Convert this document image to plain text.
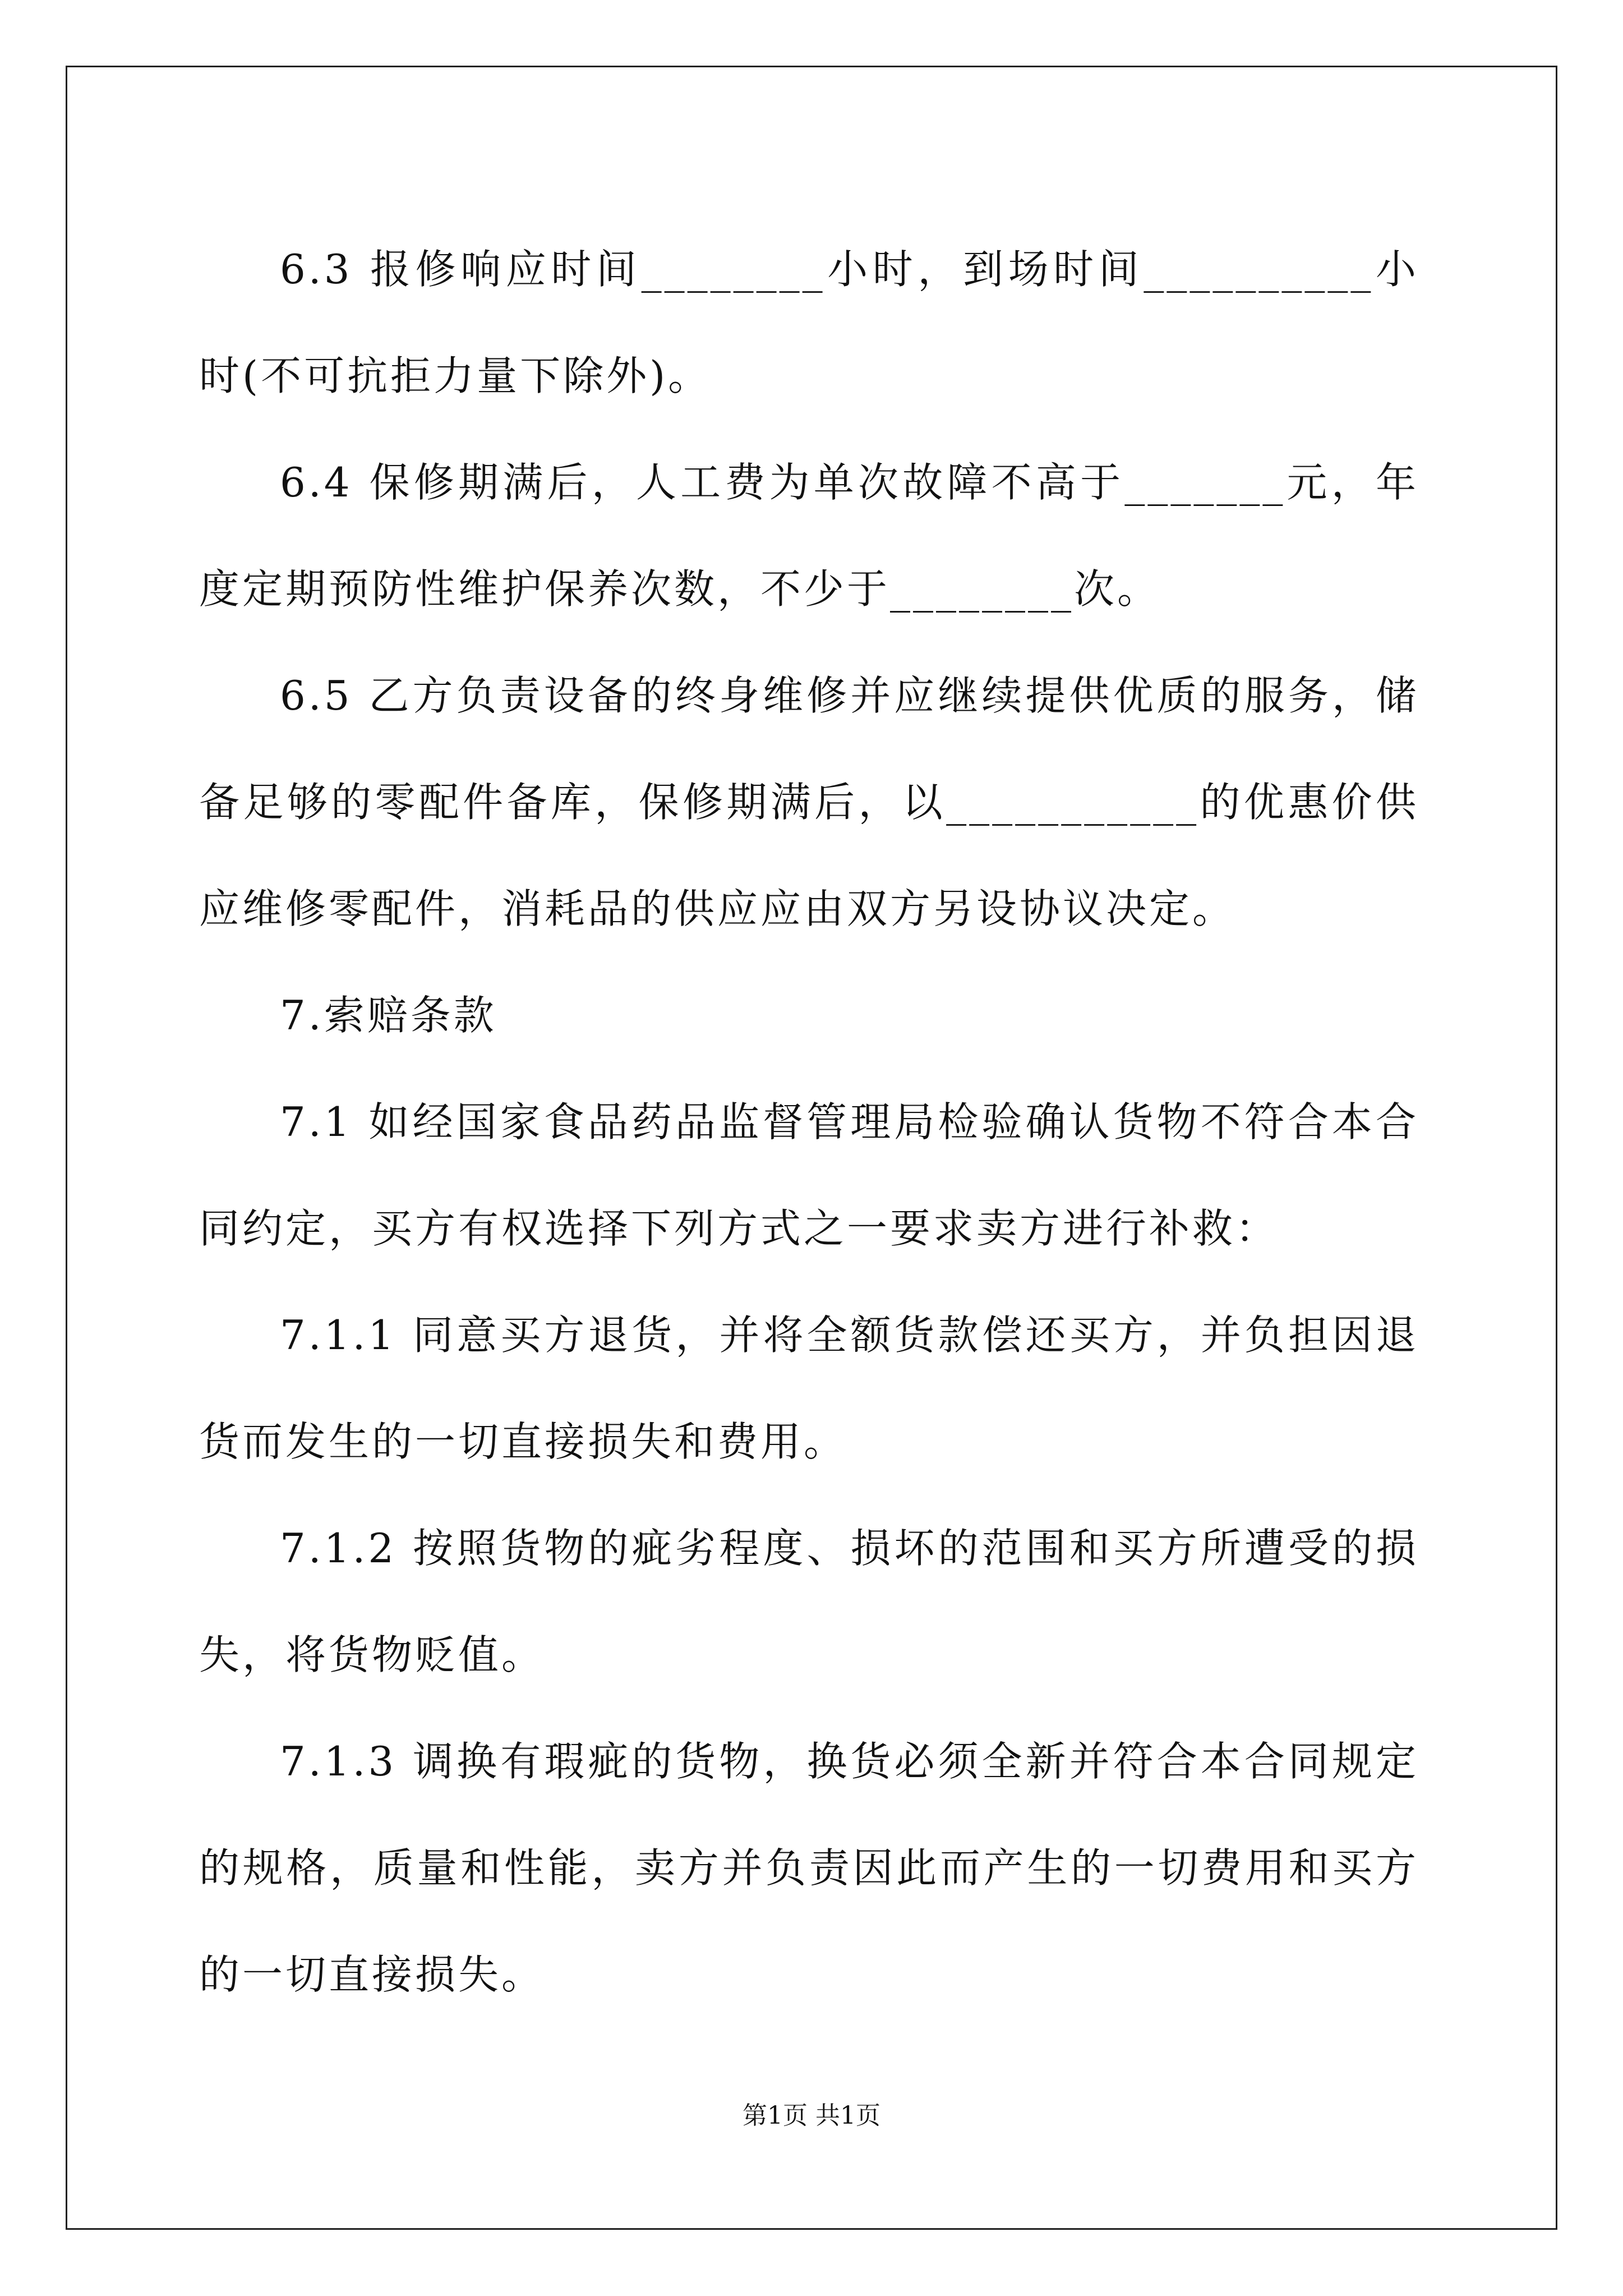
6.3 报修响应时间________小时，到场时间__________小时(不可抗拒力量下除外)。

6.4 保修期满后，人工费为单次故障不高于_______元，年度定期预防性维护保养次数，不少于________次。

6.5 乙方负责设备的终身维修并应继续提供优质的服务，储备足够的零配件备库，保修期满后，以___________的优惠价供应维修零配件，消耗品的供应应由双方另设协议决定。

7.索赔条款

7.1 如经国家食品药品监督管理局检验确认货物不符合本合同约定，买方有权选择下列方式之一要求卖方进行补救：

7.1.1 同意买方退货，并将全额货款偿还买方，并负担因退货而发生的一切直接损失和费用。

7.1.2 按照货物的疵劣程度、损坏的范围和买方所遭受的损失，将货物贬值。

7.1.3 调换有瑕疵的货物，换货必须全新并符合本合同规定的规格，质量和性能，卖方并负责因此而产生的一切费用和买方的一切直接损失。

第1页 共1页
